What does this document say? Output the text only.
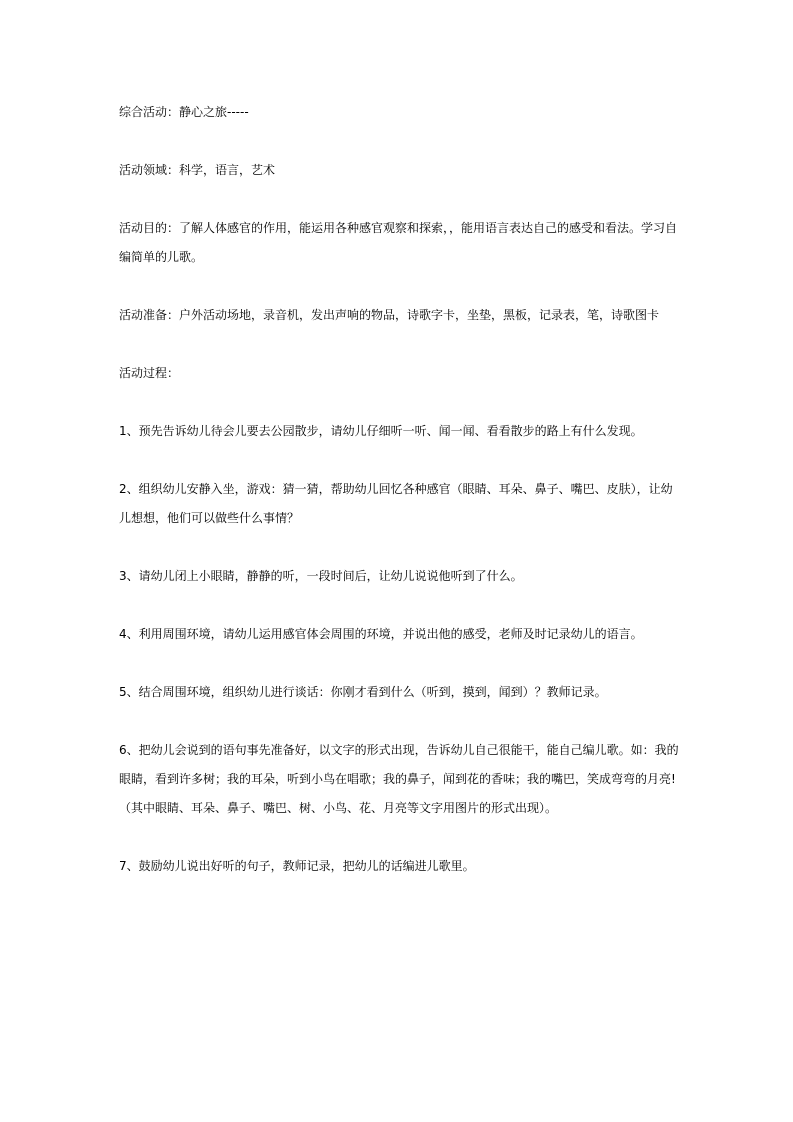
综合活动：静心之旅-----

活动领域：科学，语言，艺术

活动目的：了解人体感官的作用，能运用各种感官观察和探索，，能用语言表达自己的感受和看法。学习自编简单的儿歌。

活动准备：户外活动场地，录音机，发出声响的物品，诗歌字卡，坐垫，黑板，记录表，笔，诗歌图卡

活动过程：

1、预先告诉幼儿待会儿要去公园散步，请幼儿仔细听一听、闻一闻、看看散步的路上有什么发现。

2、组织幼儿安静入坐，游戏：猜一猜，帮助幼儿回忆各种感官（眼睛、耳朵、鼻子、嘴巴、皮肤），让幼儿想想，他们可以做些什么事情？

3、请幼儿闭上小眼睛，静静的听，一段时间后，让幼儿说说他听到了什么。

4、利用周围环境，请幼儿运用感官体会周围的环境，并说出他的感受，老师及时记录幼儿的语言。

5、结合周围环境，组织幼儿进行谈话：你刚才看到什么（听到，摸到，闻到）？教师记录。

6、把幼儿会说到的语句事先准备好，以文字的形式出现，告诉幼儿自己很能干，能自己编儿歌。如：我的眼睛，看到许多树；我的耳朵，听到小鸟在唱歌；我的鼻子，闻到花的香味；我的嘴巴，笑成弯弯的月亮!（其中眼睛、耳朵、鼻子、嘴巴、树、小鸟、花、月亮等文字用图片的形式出现）。

7、鼓励幼儿说出好听的句子，教师记录，把幼儿的话编进儿歌里。
